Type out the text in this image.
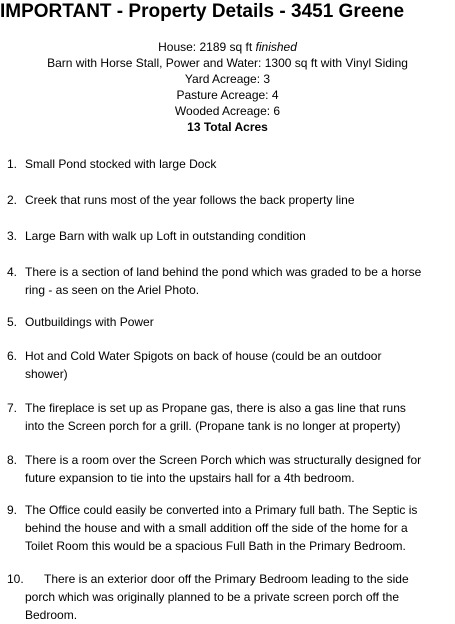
IMPORTANT - Property Details - 3451 Greene
House: 2189 sq ft finished
Barn with Horse Stall, Power and Water: 1300 sq ft with Vinyl Siding
Yard Acreage: 3
Pasture Acreage: 4
Wooded Acreage: 6
13 Total Acres
1. Small Pond stocked with large Dock
2. Creek that runs most of the year follows the back property line
3. Large Barn with walk up Loft in outstanding condition
4. There is a section of land behind the pond which was graded to be a horse
ring - as seen on the Ariel Photo.
5. Outbuildings with Power
6. Hot and Cold Water Spigots on back of house (could be an outdoor
shower)
7. The fireplace is set up as Propane gas, there is also a gas line that runs
into the Screen porch for a grill. (Propane tank is no longer at property)
8. There is a room over the Screen Porch which was structurally designed for
future expansion to tie into the upstairs hall for a 4th bedroom.
9. The Office could easily be converted into a Primary full bath. The Septic is
behind the house and with a small addition off the side of the home for a
Toilet Room this would be a spacious Full Bath in the Primary Bedroom.
10. There is an exterior door off the Primary Bedroom leading to the side
porch which was originally planned to be a private screen porch off the
Bedroom.
